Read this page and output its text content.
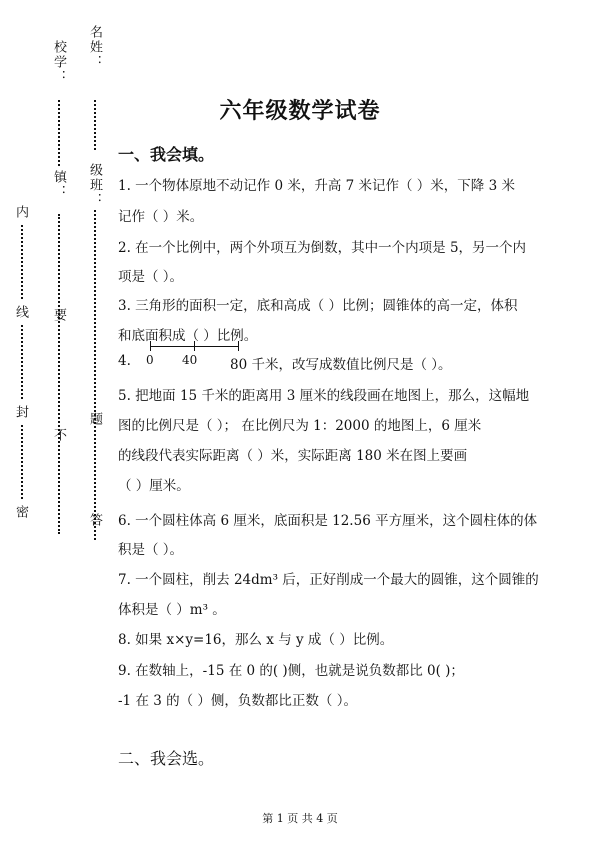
校学： 名姓：
镇： 级班：
内
线
封
密
要
不
题
答
六年级数学试卷
一、我会填。
1. 一个物体原地不动记作 0 米，升高 7 米记作（ ）米，下降 3 米
记作（ ）米。
2. 在一个比例中，两个外项互为倒数，其中一个内项是 5，另一个内
项是（ ）。
3. 三角形的面积一定，底和高成（ ）比例；圆锥体的高一定，体积
和底面积成（ ）比例。
4.	0 40 80 千米，改写成数值比例尺是（ ）。
5. 把地面 15 千米的距离用 3 厘米的线段画在地图上，那么，这幅地
图的比例尺是（ ）； 在比例尺为 1：2000 的地图上，6 厘米
的线段代表实际距离（ ）米，实际距离 180 米在图上要画
（ ）厘米。
6. 一个圆柱体高 6 厘米，底面积是 12.56 平方厘米，这个圆柱体的体
积是（ ）。
7. 一个圆柱，削去 24dm³ 后，正好削成一个最大的圆锥，这个圆锥的
体积是（ ）m³ 。
8. 如果 x×y=16，那么 x 与 y 成（ ）比例。
9. 在数轴上，-15 在 0 的( )侧，也就是说负数都比 0( )；
-1 在 3 的（ ）侧，负数都比正数（ ）。
二、我会选。
第 1 页 共 4 页
